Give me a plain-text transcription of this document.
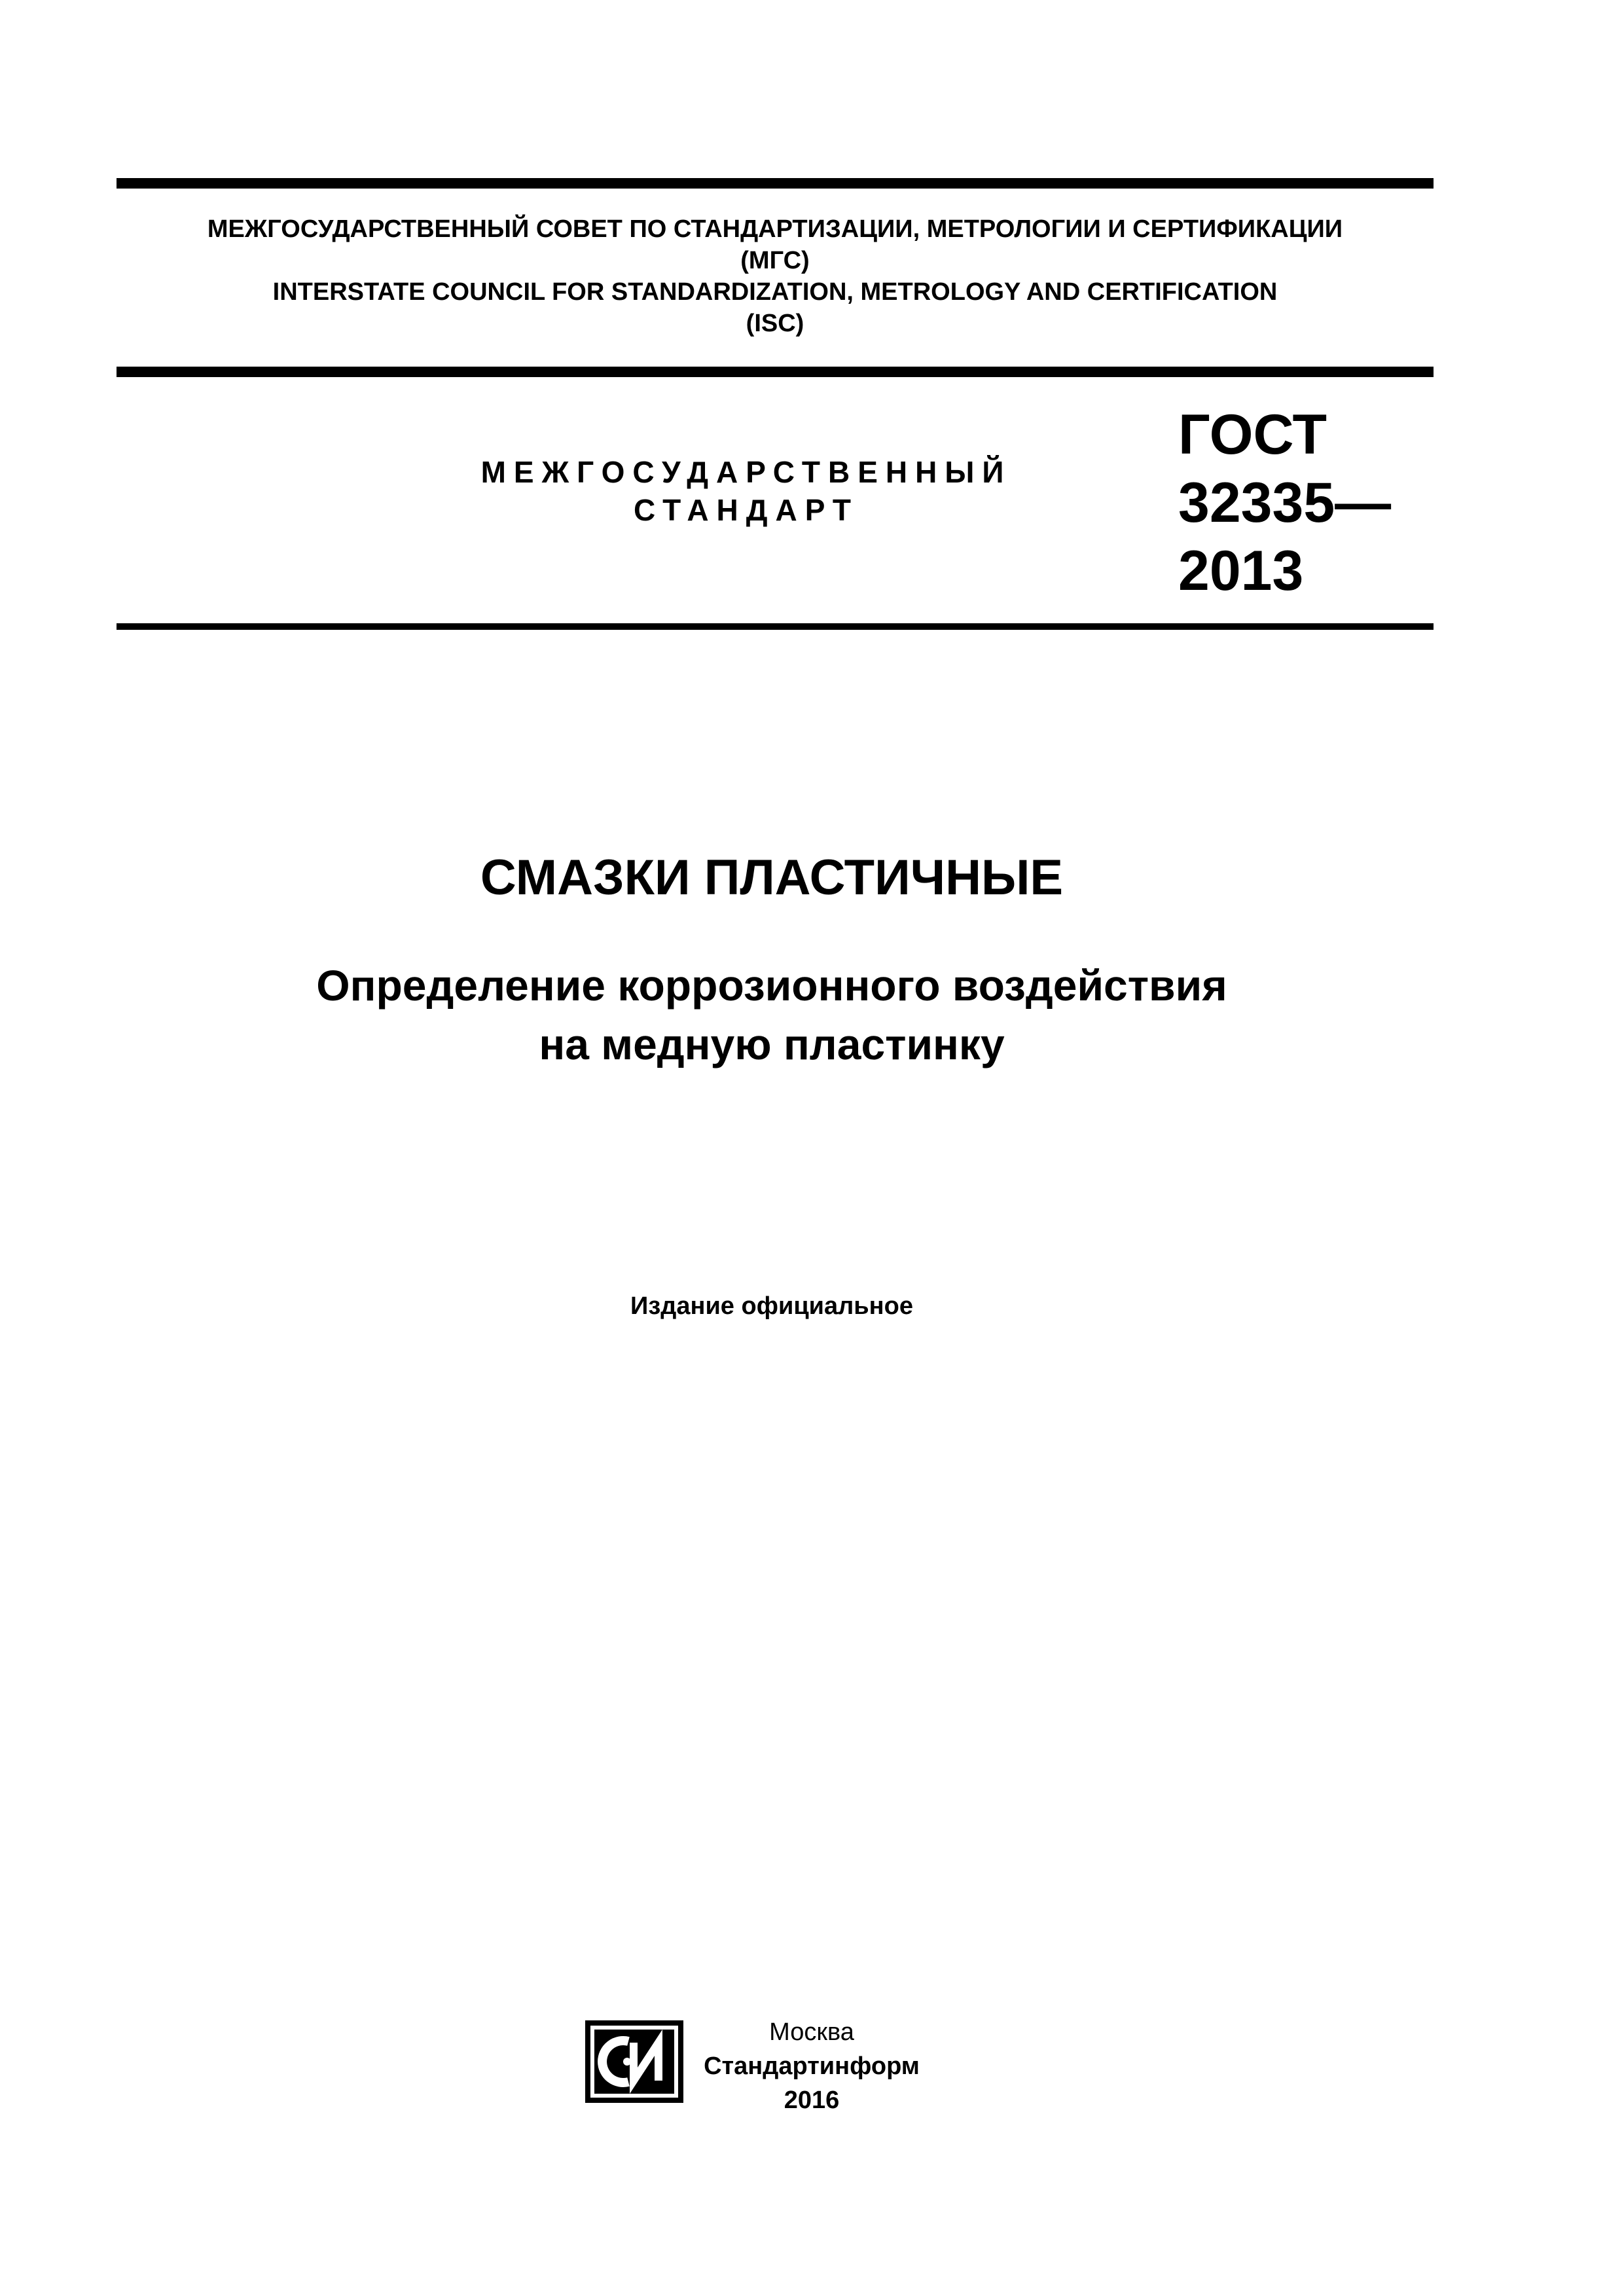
МЕЖГОСУДАРСТВЕННЫЙ СОВЕТ ПО СТАНДАРТИЗАЦИИ, МЕТРОЛОГИИ И СЕРТИФИКАЦИИ
(МГС)
INTERSTATE COUNCIL FOR STANDARDIZATION, METROLOGY AND CERTIFICATION
(ISC)
МЕЖГОСУДАРСТВЕННЫЙ
СТАНДАРТ
ГОСТ
32335—
2013
СМАЗКИ ПЛАСТИЧНЫЕ
Определение коррозионного воздействия
на медную пластинку
Издание официальное
СИ
Москва
Стандартинформ
2016
